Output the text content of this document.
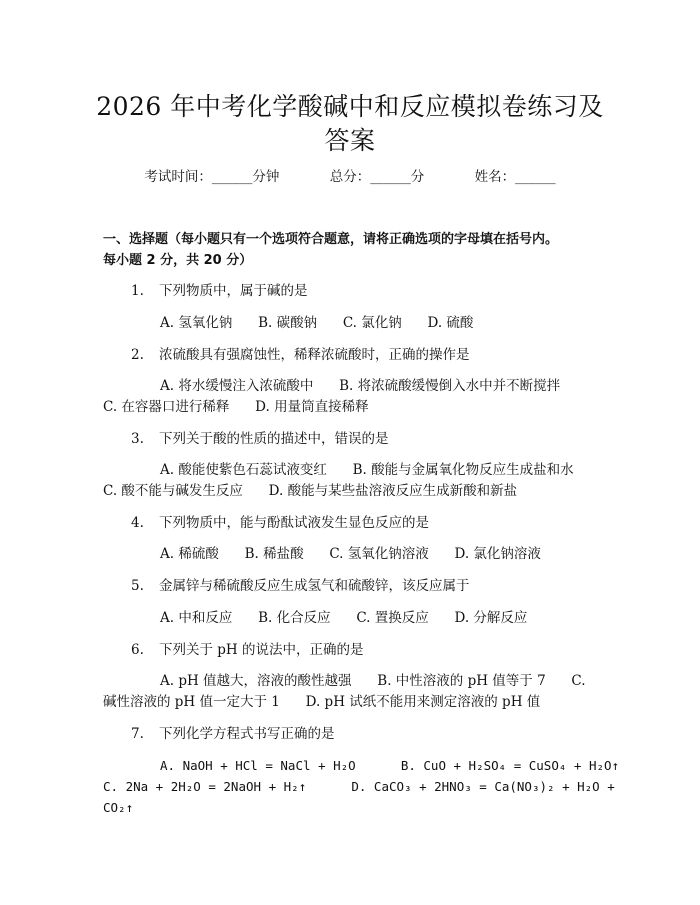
2026 年中考化学酸碱中和反应模拟卷练习及
答案
考试时间：______分钟	总分：______分	姓名：______
一、选择题（每小题只有一个选项符合题意，请将正确选项的字母填在括号内。
每小题 2 分，共 20 分）
1. 下列物质中，属于碱的是
A. 氢氧化钠      B. 碳酸钠      C. 氯化钠      D. 硫酸
2. 浓硫酸具有强腐蚀性，稀释浓硫酸时，正确的操作是
A. 将水缓慢注入浓硫酸中      B. 将浓硫酸缓慢倒入水中并不断搅拌
C. 在容器口进行稀释      D. 用量筒直接稀释
3. 下列关于酸的性质的描述中，错误的是
A. 酸能使紫色石蕊试液变红      B. 酸能与金属氧化物反应生成盐和水
C. 酸不能与碱发生反应      D. 酸能与某些盐溶液反应生成新酸和新盐
4. 下列物质中，能与酚酞试液发生显色反应的是
A. 稀硫酸      B. 稀盐酸      C. 氢氧化钠溶液      D. 氯化钠溶液
5. 金属锌与稀硫酸反应生成氢气和硫酸锌，该反应属于
A. 中和反应      B. 化合反应      C. 置换反应      D. 分解反应
6. 下列关于 pH 的说法中，正确的是
A. pH 值越大，溶液的酸性越强      B. 中性溶液的 pH 值等于 7      C.
碱性溶液的 pH 值一定大于 1      D. pH 试纸不能用来测定溶液的 pH 值
7. 下列化学方程式书写正确的是
A. NaOH + HCl = NaCl + H₂O      B. CuO + H₂SO₄ = CuSO₄ + H₂O↑
C. 2Na + 2H₂O = 2NaOH + H₂↑      D. CaCO₃ + 2HNO₃ = Ca(NO₃)₂ + H₂O +
CO₂↑
